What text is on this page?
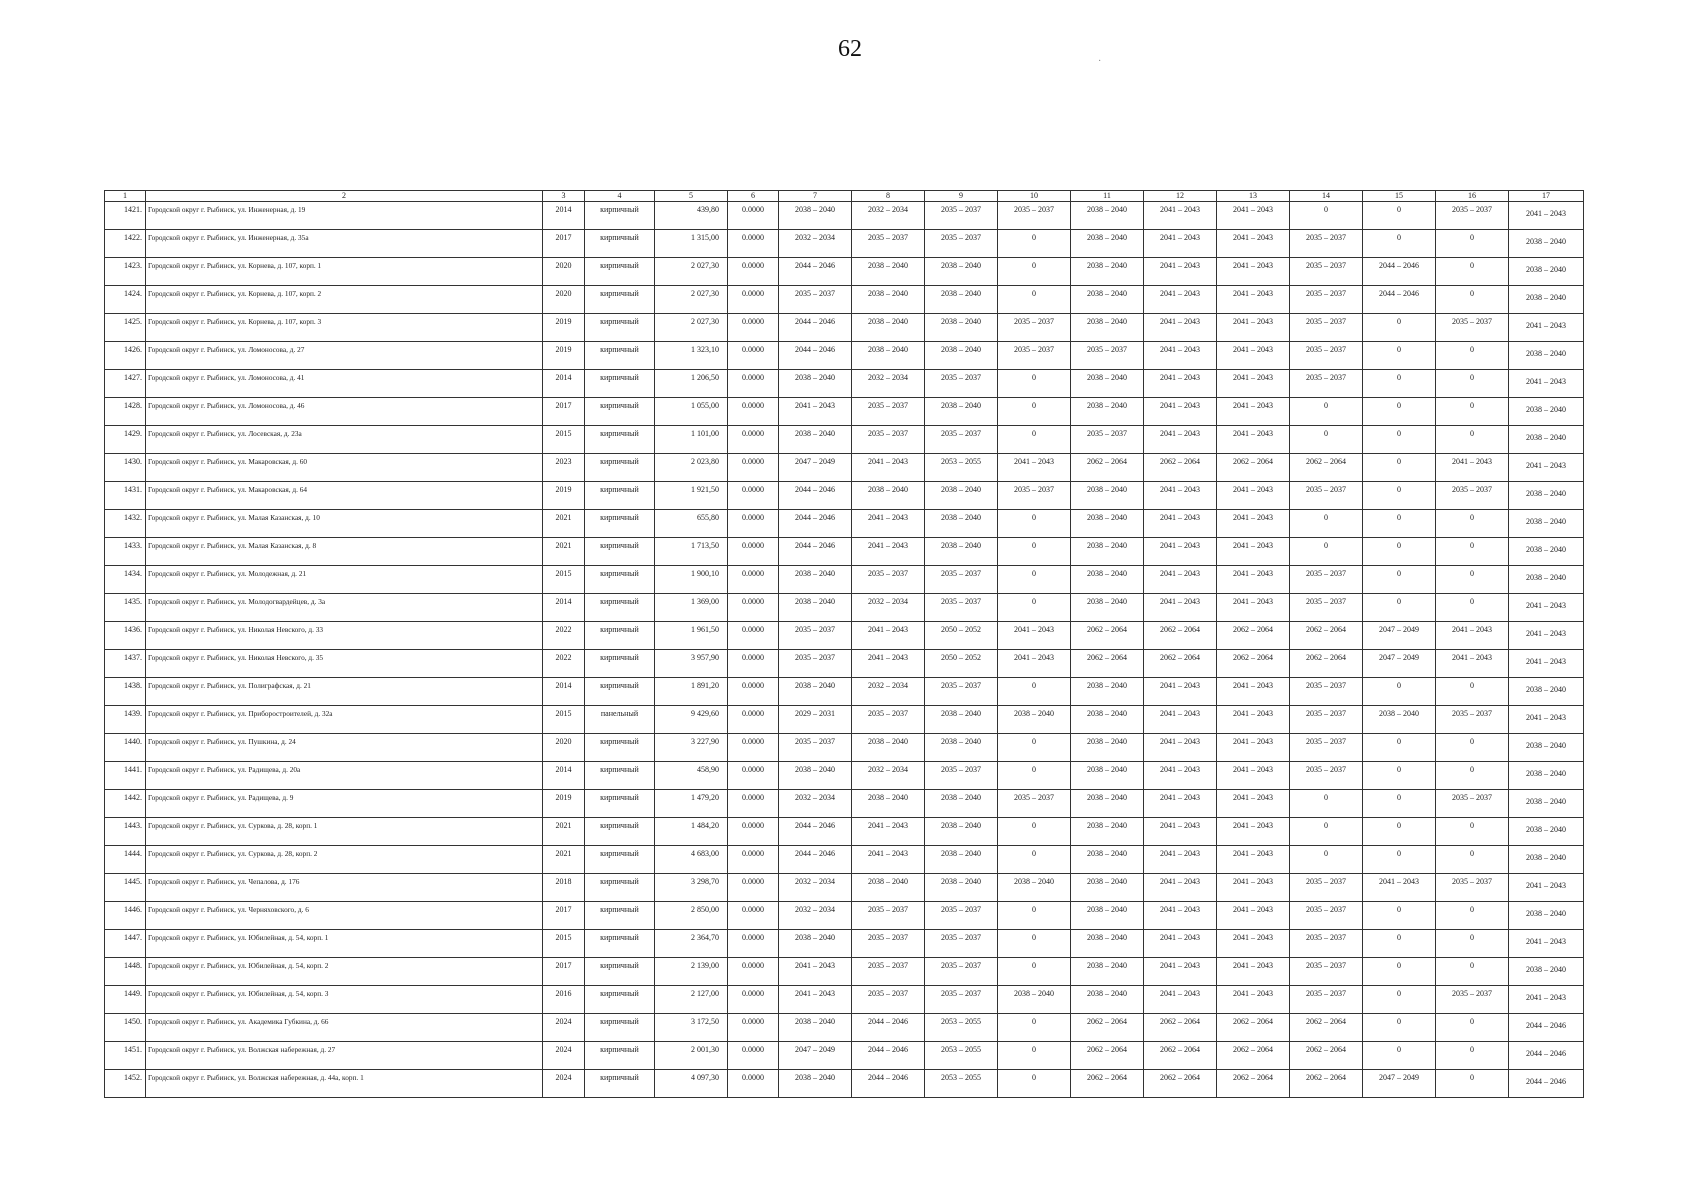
62	·
1	2	3	4	5	6	7	8	9	10	11	12	13	14	15	16	17
1421.	Городской округ г. Рыбинск, ул. Инженерная, д. 19	2014	кирпичный	439,80	0.0000	2038 – 2040	2032 – 2034	2035 – 2037	2035 – 2037	2038 – 2040	2041 – 2043	2041 – 2043	0	0	2035 – 2037	2041 – 2043
1422.	Городской округ г. Рыбинск, ул. Инженерная, д. 35а	2017	кирпичный	1 315,00	0.0000	2032 – 2034	2035 – 2037	2035 – 2037	0	2038 – 2040	2041 – 2043	2041 – 2043	2035 – 2037	0	0	2038 – 2040
1423.	Городской округ г. Рыбинск, ул. Корнева, д. 107, корп. 1	2020	кирпичный	2 027,30	0.0000	2044 – 2046	2038 – 2040	2038 – 2040	0	2038 – 2040	2041 – 2043	2041 – 2043	2035 – 2037	2044 – 2046	0	2038 – 2040
1424.	Городской округ г. Рыбинск, ул. Корнева, д. 107, корп. 2	2020	кирпичный	2 027,30	0.0000	2035 – 2037	2038 – 2040	2038 – 2040	0	2038 – 2040	2041 – 2043	2041 – 2043	2035 – 2037	2044 – 2046	0	2038 – 2040
1425.	Городской округ г. Рыбинск, ул. Корнева, д. 107, корп. 3	2019	кирпичный	2 027,30	0.0000	2044 – 2046	2038 – 2040	2038 – 2040	2035 – 2037	2038 – 2040	2041 – 2043	2041 – 2043	2035 – 2037	0	2035 – 2037	2041 – 2043
1426.	Городской округ г. Рыбинск, ул. Ломоносова, д. 27	2019	кирпичный	1 323,10	0.0000	2044 – 2046	2038 – 2040	2038 – 2040	2035 – 2037	2035 – 2037	2041 – 2043	2041 – 2043	2035 – 2037	0	0	2038 – 2040
1427.	Городской округ г. Рыбинск, ул. Ломоносова, д. 41	2014	кирпичный	1 206,50	0.0000	2038 – 2040	2032 – 2034	2035 – 2037	0	2038 – 2040	2041 – 2043	2041 – 2043	2035 – 2037	0	0	2041 – 2043
1428.	Городской округ г. Рыбинск, ул. Ломоносова, д. 46	2017	кирпичный	1 055,00	0.0000	2041 – 2043	2035 – 2037	2038 – 2040	0	2038 – 2040	2041 – 2043	2041 – 2043	0	0	0	2038 – 2040
1429.	Городской округ г. Рыбинск, ул. Лосевская, д. 23а	2015	кирпичный	1 101,00	0.0000	2038 – 2040	2035 – 2037	2035 – 2037	0	2035 – 2037	2041 – 2043	2041 – 2043	0	0	0	2038 – 2040
1430.	Городской округ г. Рыбинск, ул. Макаровская, д. 60	2023	кирпичный	2 023,80	0.0000	2047 – 2049	2041 – 2043	2053 – 2055	2041 – 2043	2062 – 2064	2062 – 2064	2062 – 2064	2062 – 2064	0	2041 – 2043	2041 – 2043
1431.	Городской округ г. Рыбинск, ул. Макаровская, д. 64	2019	кирпичный	1 921,50	0.0000	2044 – 2046	2038 – 2040	2038 – 2040	2035 – 2037	2038 – 2040	2041 – 2043	2041 – 2043	2035 – 2037	0	2035 – 2037	2038 – 2040
1432.	Городской округ г. Рыбинск, ул. Малая Казанская, д. 10	2021	кирпичный	655,80	0.0000	2044 – 2046	2041 – 2043	2038 – 2040	0	2038 – 2040	2041 – 2043	2041 – 2043	0	0	0	2038 – 2040
1433.	Городской округ г. Рыбинск, ул. Малая Казанская, д. 8	2021	кирпичный	1 713,50	0.0000	2044 – 2046	2041 – 2043	2038 – 2040	0	2038 – 2040	2041 – 2043	2041 – 2043	0	0	0	2038 – 2040
1434.	Городской округ г. Рыбинск, ул. Молодежная, д. 21	2015	кирпичный	1 900,10	0.0000	2038 – 2040	2035 – 2037	2035 – 2037	0	2038 – 2040	2041 – 2043	2041 – 2043	2035 – 2037	0	0	2038 – 2040
1435.	Городской округ г. Рыбинск, ул. Молодогвардейцев, д. 3а	2014	кирпичный	1 369,00	0.0000	2038 – 2040	2032 – 2034	2035 – 2037	0	2038 – 2040	2041 – 2043	2041 – 2043	2035 – 2037	0	0	2041 – 2043
1436.	Городской округ г. Рыбинск, ул. Николая Невского, д. 33	2022	кирпичный	1 961,50	0.0000	2035 – 2037	2041 – 2043	2050 – 2052	2041 – 2043	2062 – 2064	2062 – 2064	2062 – 2064	2062 – 2064	2047 – 2049	2041 – 2043	2041 – 2043
1437.	Городской округ г. Рыбинск, ул. Николая Невского, д. 35	2022	кирпичный	3 957,90	0.0000	2035 – 2037	2041 – 2043	2050 – 2052	2041 – 2043	2062 – 2064	2062 – 2064	2062 – 2064	2062 – 2064	2047 – 2049	2041 – 2043	2041 – 2043
1438.	Городской округ г. Рыбинск, ул. Полиграфская, д. 21	2014	кирпичный	1 891,20	0.0000	2038 – 2040	2032 – 2034	2035 – 2037	0	2038 – 2040	2041 – 2043	2041 – 2043	2035 – 2037	0	0	2038 – 2040
1439.	Городской округ г. Рыбинск, ул. Приборостроителей, д. 32а	2015	панельный	9 429,60	0.0000	2029 – 2031	2035 – 2037	2038 – 2040	2038 – 2040	2038 – 2040	2041 – 2043	2041 – 2043	2035 – 2037	2038 – 2040	2035 – 2037	2041 – 2043
1440.	Городской округ г. Рыбинск, ул. Пушкина, д. 24	2020	кирпичный	3 227,90	0.0000	2035 – 2037	2038 – 2040	2038 – 2040	0	2038 – 2040	2041 – 2043	2041 – 2043	2035 – 2037	0	0	2038 – 2040
1441.	Городской округ г. Рыбинск, ул. Радищева, д. 20а	2014	кирпичный	458,90	0.0000	2038 – 2040	2032 – 2034	2035 – 2037	0	2038 – 2040	2041 – 2043	2041 – 2043	2035 – 2037	0	0	2038 – 2040
1442.	Городской округ г. Рыбинск, ул. Радищева, д. 9	2019	кирпичный	1 479,20	0.0000	2032 – 2034	2038 – 2040	2038 – 2040	2035 – 2037	2038 – 2040	2041 – 2043	2041 – 2043	0	0	2035 – 2037	2038 – 2040
1443.	Городской округ г. Рыбинск, ул. Суркова, д. 28, корп. 1	2021	кирпичный	1 484,20	0.0000	2044 – 2046	2041 – 2043	2038 – 2040	0	2038 – 2040	2041 – 2043	2041 – 2043	0	0	0	2038 – 2040
1444.	Городской округ г. Рыбинск, ул. Суркова, д. 28, корп. 2	2021	кирпичный	4 683,00	0.0000	2044 – 2046	2041 – 2043	2038 – 2040	0	2038 – 2040	2041 – 2043	2041 – 2043	0	0	0	2038 – 2040
1445.	Городской округ г. Рыбинск, ул. Чепалова, д. 176	2018	кирпичный	3 298,70	0.0000	2032 – 2034	2038 – 2040	2038 – 2040	2038 – 2040	2038 – 2040	2041 – 2043	2041 – 2043	2035 – 2037	2041 – 2043	2035 – 2037	2041 – 2043
1446.	Городской округ г. Рыбинск, ул. Черняховского, д. 6	2017	кирпичный	2 850,00	0.0000	2032 – 2034	2035 – 2037	2035 – 2037	0	2038 – 2040	2041 – 2043	2041 – 2043	2035 – 2037	0	0	2038 – 2040
1447.	Городской округ г. Рыбинск, ул. Юбилейная, д. 54, корп. 1	2015	кирпичный	2 364,70	0.0000	2038 – 2040	2035 – 2037	2035 – 2037	0	2038 – 2040	2041 – 2043	2041 – 2043	2035 – 2037	0	0	2041 – 2043
1448.	Городской округ г. Рыбинск, ул. Юбилейная, д. 54, корп. 2	2017	кирпичный	2 139,00	0.0000	2041 – 2043	2035 – 2037	2035 – 2037	0	2038 – 2040	2041 – 2043	2041 – 2043	2035 – 2037	0	0	2038 – 2040
1449.	Городской округ г. Рыбинск, ул. Юбилейная, д. 54, корп. 3	2016	кирпичный	2 127,00	0.0000	2041 – 2043	2035 – 2037	2035 – 2037	2038 – 2040	2038 – 2040	2041 – 2043	2041 – 2043	2035 – 2037	0	2035 – 2037	2041 – 2043
1450.	Городской округ г. Рыбинск, ул. Академика Губкина, д. 66	2024	кирпичный	3 172,50	0.0000	2038 – 2040	2044 – 2046	2053 – 2055	0	2062 – 2064	2062 – 2064	2062 – 2064	2062 – 2064	0	0	2044 – 2046
1451.	Городской округ г. Рыбинск, ул. Волжская набережная, д. 27	2024	кирпичный	2 001,30	0.0000	2047 – 2049	2044 – 2046	2053 – 2055	0	2062 – 2064	2062 – 2064	2062 – 2064	2062 – 2064	0	0	2044 – 2046
1452.	Городской округ г. Рыбинск, ул. Волжская набережная, д. 44а, корп. 1	2024	кирпичный	4 097,30	0.0000	2038 – 2040	2044 – 2046	2053 – 2055	0	2062 – 2064	2062 – 2064	2062 – 2064	2062 – 2064	2047 – 2049	0	2044 – 2046
